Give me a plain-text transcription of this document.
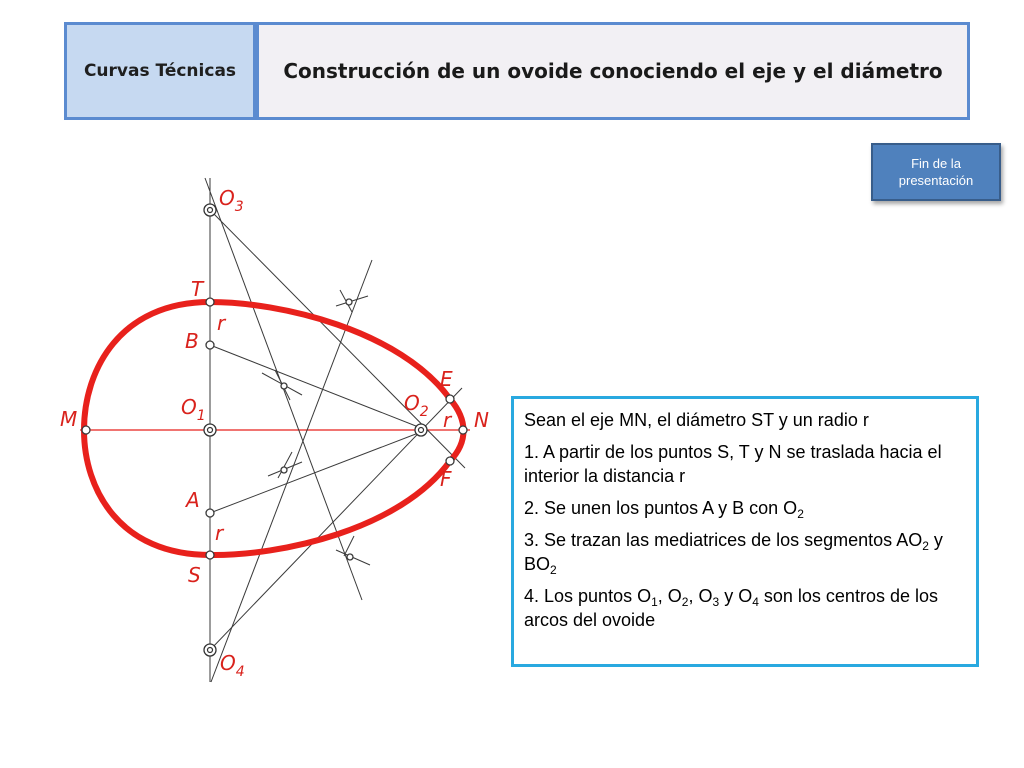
Curvas Técnicas Construcción de un ovoide conociendo el eje y el diámetro
Fin de la
presentación
$O_3$
T
r
B
E
$O_2$
$O_1$
M	r N
F
A
r
S
$O_4$

Sean el eje MN, el diámetro ST y un radio r

1. A partir de los puntos S, T y N se traslada hacia el interior la distancia r

2. Se unen los puntos A y B con $O_2$

3. Se trazan las mediatrices de los segmentos $AO_2$ y $BO_2$

4. Los puntos $O_1$, $O_2$, $O_3$ y $O_4$ son los centros de los arcos del ovoide
